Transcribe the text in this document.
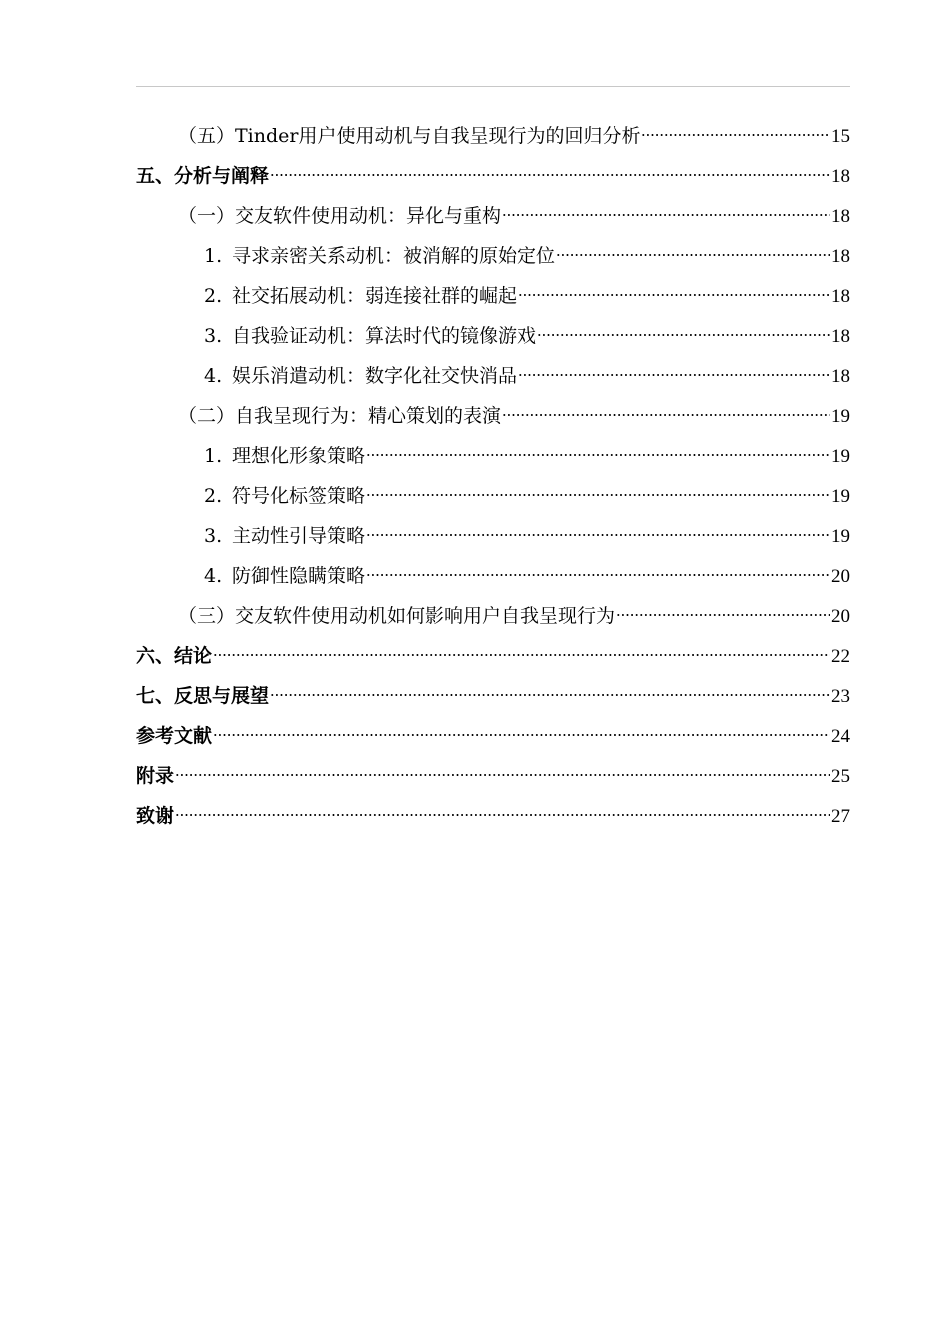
（五）Tinder用户使用动机与自我呈现行为的回归分析	15
五、分析与阐释	18
（一）交友软件使用动机：异化与重构	18
1. 寻求亲密关系动机：被消解的原始定位	18
2. 社交拓展动机：弱连接社群的崛起	18
3. 自我验证动机：算法时代的镜像游戏	18
4. 娱乐消遣动机：数字化社交快消品	18
（二）自我呈现行为：精心策划的表演	19
1. 理想化形象策略	19
2. 符号化标签策略	19
3. 主动性引导策略	19
4. 防御性隐瞒策略	20
（三）交友软件使用动机如何影响用户自我呈现行为	20
六、结论	22
七、反思与展望	23
参考文献	24
附录	25
致谢	27
